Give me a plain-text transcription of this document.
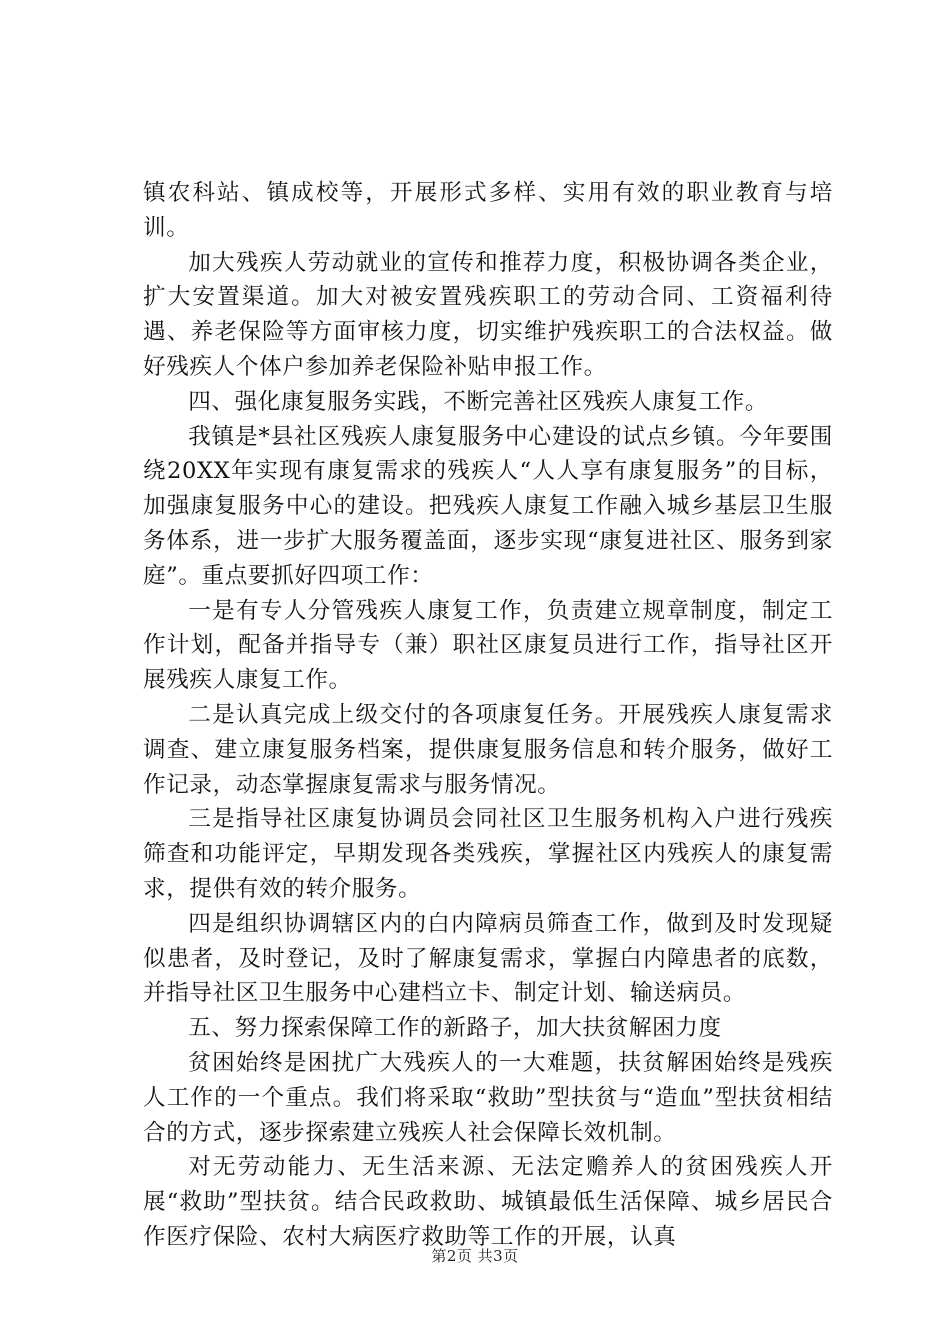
镇农科站、镇成校等，开展形式多样、实用有效的职业教育与培训。

加大残疾人劳动就业的宣传和推荐力度，积极协调各类企业，扩大安置渠道。加大对被安置残疾职工的劳动合同、工资福利待遇、养老保险等方面审核力度，切实维护残疾职工的合法权益。做好残疾人个体户参加养老保险补贴申报工作。

四、强化康复服务实践，不断完善社区残疾人康复工作。

我镇是*县社区残疾人康复服务中心建设的试点乡镇。今年要围绕20XX年实现有康复需求的残疾人“人人享有康复服务”的目标，加强康复服务中心的建设。把残疾人康复工作融入城乡基层卫生服务体系，进一步扩大服务覆盖面，逐步实现“康复进社区、服务到家庭”。重点要抓好四项工作：

一是有专人分管残疾人康复工作，负责建立规章制度，制定工作计划，配备并指导专（兼）职社区康复员进行工作，指导社区开展残疾人康复工作。

二是认真完成上级交付的各项康复任务。开展残疾人康复需求调查、建立康复服务档案，提供康复服务信息和转介服务，做好工作记录，动态掌握康复需求与服务情况。

三是指导社区康复协调员会同社区卫生服务机构入户进行残疾筛查和功能评定，早期发现各类残疾，掌握社区内残疾人的康复需求，提供有效的转介服务。

四是组织协调辖区内的白内障病员筛查工作，做到及时发现疑似患者，及时登记，及时了解康复需求，掌握白内障患者的底数，并指导社区卫生服务中心建档立卡、制定计划、输送病员。

五、努力探索保障工作的新路子，加大扶贫解困力度

贫困始终是困扰广大残疾人的一大难题，扶贫解困始终是残疾人工作的一个重点。我们将采取“救助”型扶贫与“造血”型扶贫相结合的方式，逐步探索建立残疾人社会保障长效机制。

对无劳动能力、无生活来源、无法定赡养人的贫困残疾人开展“救助”型扶贫。结合民政救助、城镇最低生活保障、城乡居民合作医疗保险、农村大病医疗救助等工作的开展，认真

第2页 共3页
